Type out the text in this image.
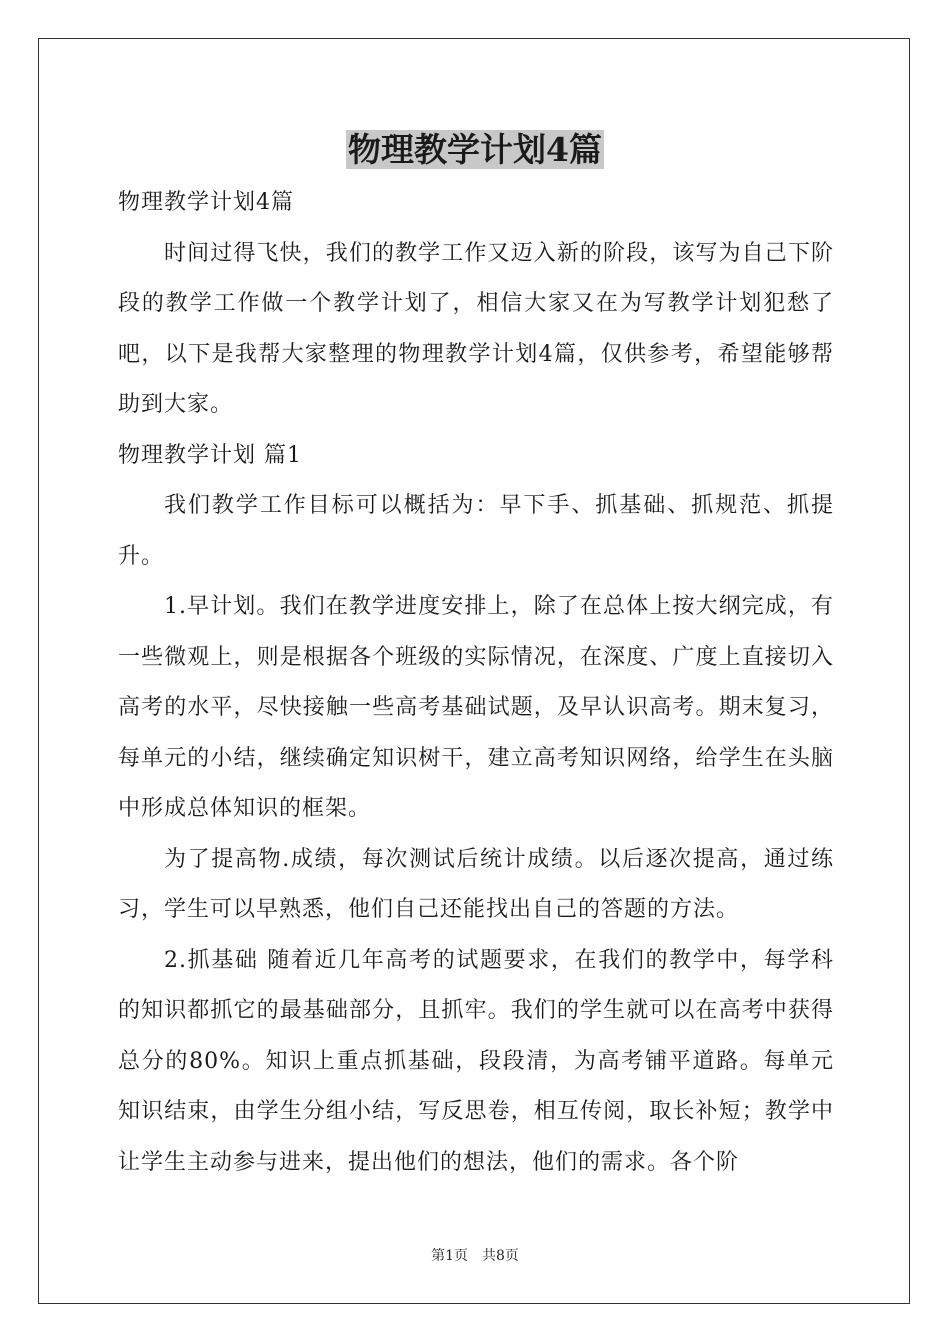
物理教学计划4篇

物理教学计划4篇

时间过得飞快，我们的教学工作又迈入新的阶段，该写为自己下阶段的教学工作做一个教学计划了，相信大家又在为写教学计划犯愁了吧，以下是我帮大家整理的物理教学计划4篇，仅供参考，希望能够帮助到大家。

物理教学计划 篇1

我们教学工作目标可以概括为：早下手、抓基础、抓规范、抓提升。

1.早计划。我们在教学进度安排上，除了在总体上按大纲完成，有一些微观上，则是根据各个班级的实际情况，在深度、广度上直接切入高考的水平，尽快接触一些高考基础试题，及早认识高考。期末复习，每单元的小结，继续确定知识树干，建立高考知识网络，给学生在头脑中形成总体知识的框架。

为了提高物.成绩，每次测试后统计成绩。以后逐次提高，通过练习，学生可以早熟悉，他们自己还能找出自己的答题的方法。

2.抓基础 随着近几年高考的试题要求，在我们的教学中，每学科的知识都抓它的最基础部分，且抓牢。我们的学生就可以在高考中获得总分的80%。知识上重点抓基础，段段清，为高考铺平道路。每单元知识结束，由学生分组小结，写反思卷，相互传阅，取长补短；教学中让学生主动参与进来，提出他们的想法，他们的需求。各个阶

第1页　共8页
